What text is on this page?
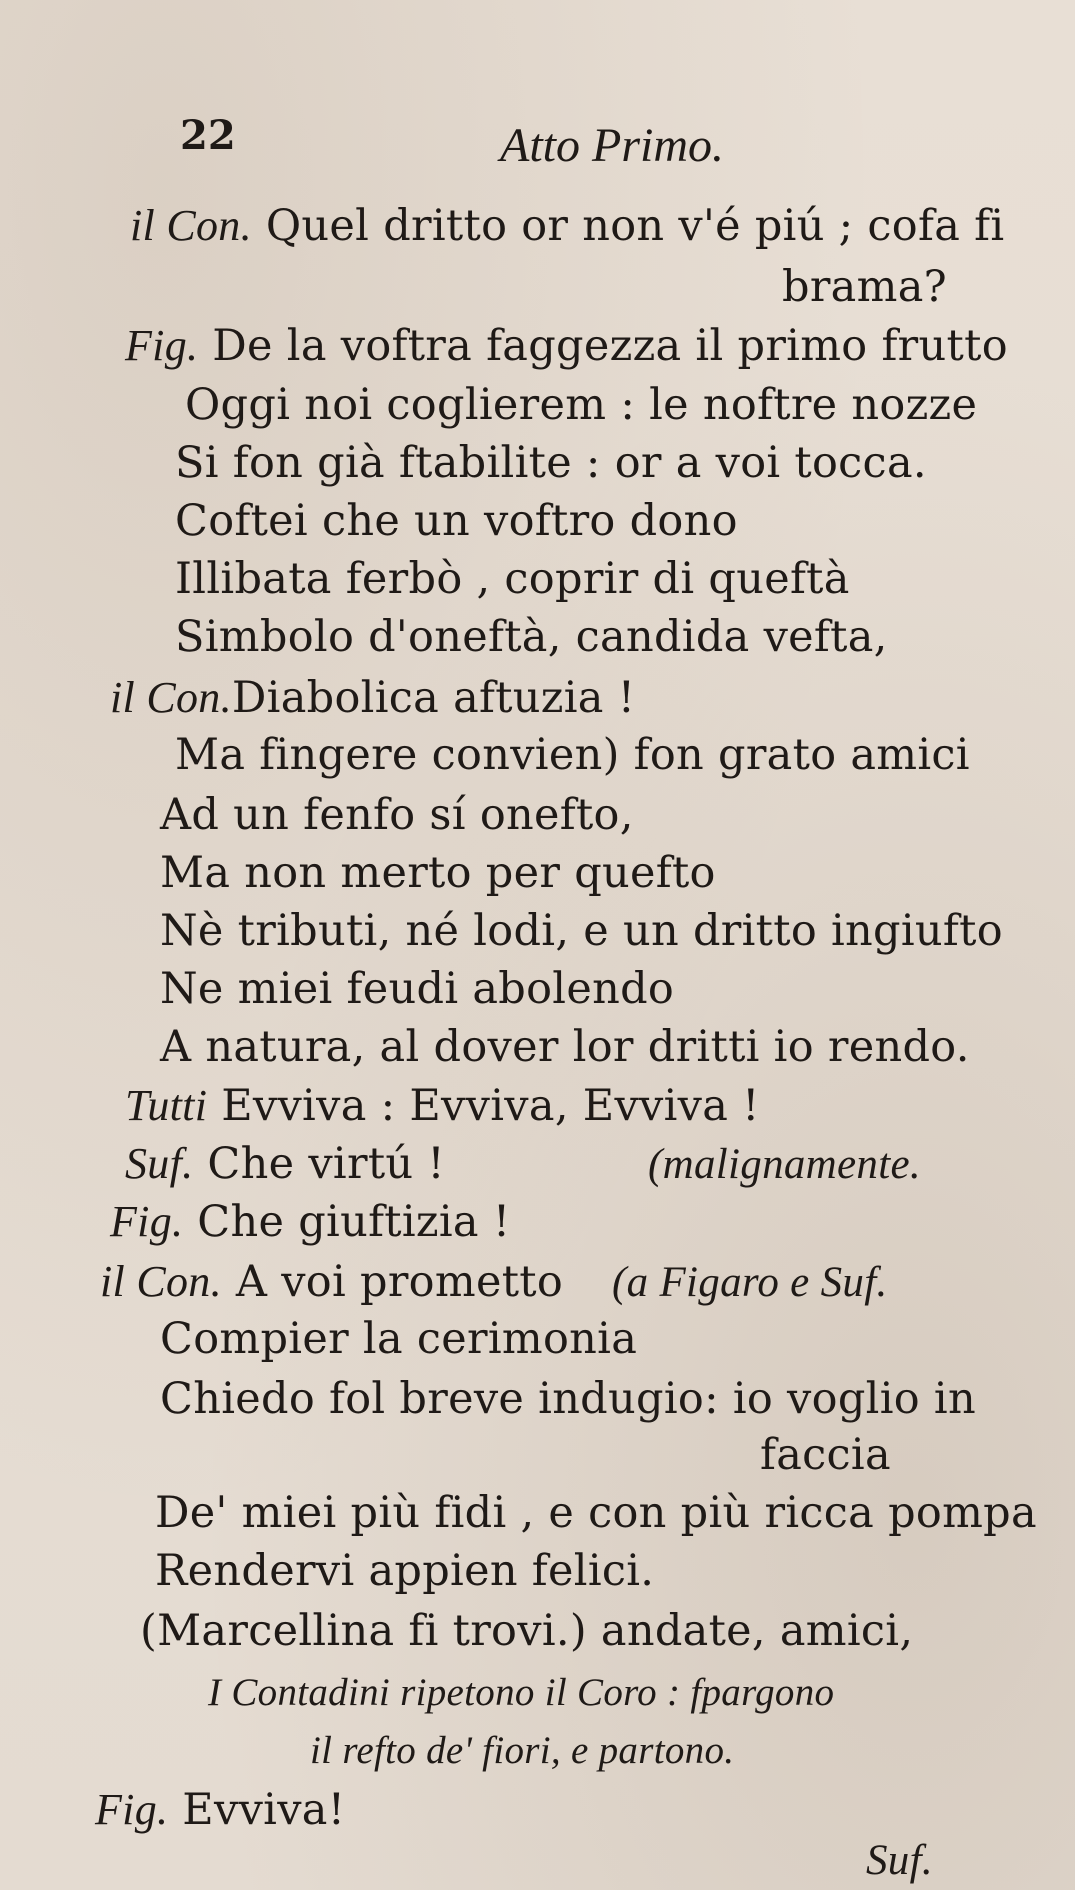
22	Atto Primo.
il Con. Quel dritto or non v'é piú ; cofa fi
brama?
Fig. De la voftra faggezza il primo frutto
Oggi noi coglierem : le noftre nozze
Si fon già ftabilite : or a voi tocca.
Coftei che un voftro dono
Illibata ferbò , coprir di queftà
Simbolo d'oneftà, candida vefta,
il Con.Diabolica aftuzia !
Ma fingere convien) fon grato amici
Ad un fenfo sí onefto,
Ma non merto per quefto
Nè tributi, né lodi, e un dritto ingiufto
Ne miei feudi abolendo
A natura, al dover lor dritti io rendo.
Tutti Evviva : Evviva, Evviva !
Suf. Che virtú !	(malignamente.
Fig. Che giuftizia !
il Con. A voi prometto (a Figaro e Suf.
Compier la cerimonia
Chiedo fol breve indugio: io voglio in
faccia
De' miei più fidi , e con più ricca pompa
Rendervi appien felici.
(Marcellina fi trovi.) andate, amici,
I Contadini ripetono il Coro : fpargono
il refto de' fiori, e partono.
Fig. Evviva!
Suf.
